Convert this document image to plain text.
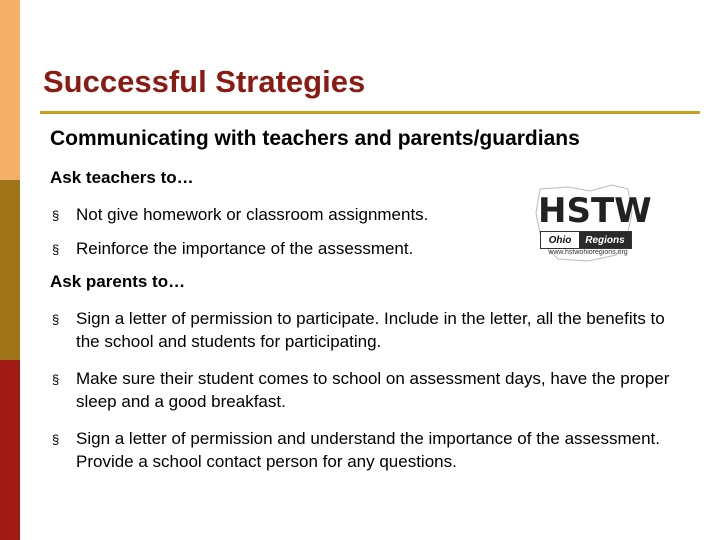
Successful Strategies
Communicating with teachers and parents/guardians
Ask teachers to…
§ Not give homework or classroom assignments.
§ Reinforce the importance of the assessment.
HSTW
Ohio	Regions
www.hstwohioregions.org
Ask parents to…
§ Sign a letter of permission to participate. Include in the letter, all the benefits to the school and students for participating.
§ Make sure their student comes to school on assessment days, have the proper sleep and a good breakfast.
§ Sign a letter of permission and understand the importance of the assessment. Provide a school contact person for any questions.
